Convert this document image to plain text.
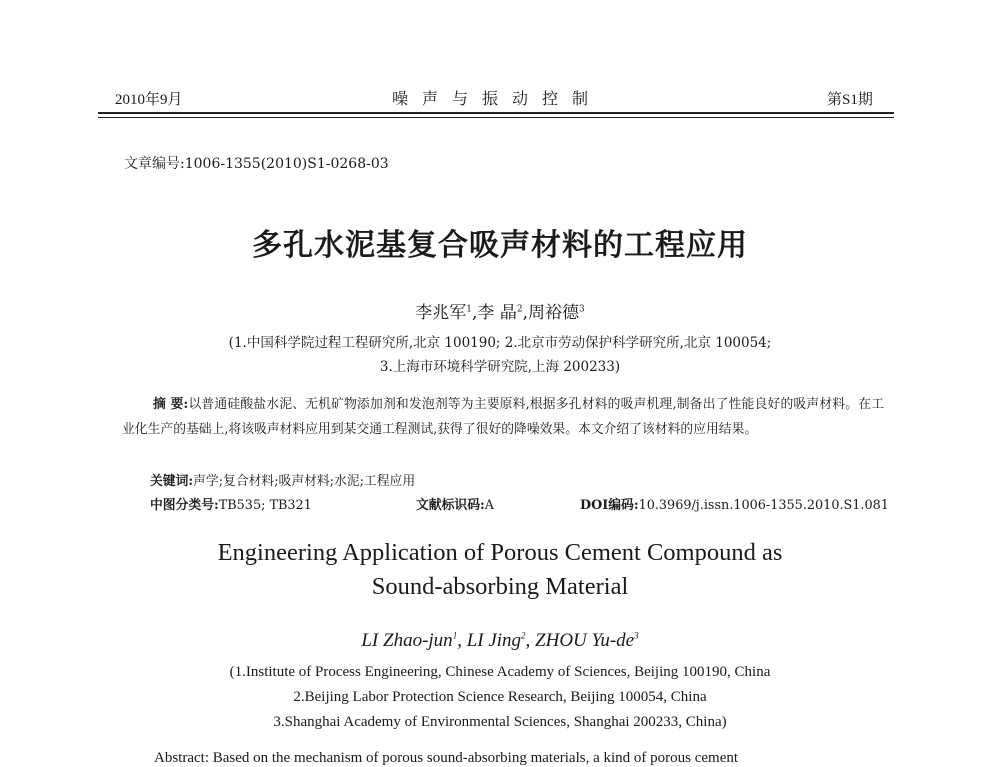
2010年9月	噪声与振动控制	第S1期
文章编号:1006-1355(2010)S1-0268-03
多孔水泥基复合吸声材料的工程应用
李兆军$^1$,李 晶$^2$,周裕德$^3$
(1.中国科学院过程工程研究所,北京 100190; 2.北京市劳动保护科学研究所,北京 100054;
3.上海市环境科学研究院,上海 200233)
摘 要:以普通硅酸盐水泥、无机矿物添加剂和发泡剂等为主要原料,根据多孔材料的吸声机理,制备出了性能良好的吸声材料。在工业化生产的基础上,将该吸声材料应用到某交通工程测试,获得了很好的降噪效果。本文介绍了该材料的应用结果。
关键词:声学;复合材料;吸声材料;水泥;工程应用
中图分类号:TB535; TB321	文献标识码:A	DOI编码:10.3969/j.issn.1006-1355.2010.S1.081
Engineering Application of Porous Cement Compound as
Sound-absorbing Material
LI Zhao-jun$^1$, LI Jing$^2$, ZHOU $Yu-de^3$
(1.Institute of Process Engineering, Chinese Academy of Sciences, Beijing 100190, China
2.Beijing Labor Protection Science Research, Beijing 100054, China
3.Shanghai Academy of Environmental Sciences, Shanghai 200233, China)
Abstract: Based on the mechanism of porous sound-absorbing materials, a kind of porous cement
